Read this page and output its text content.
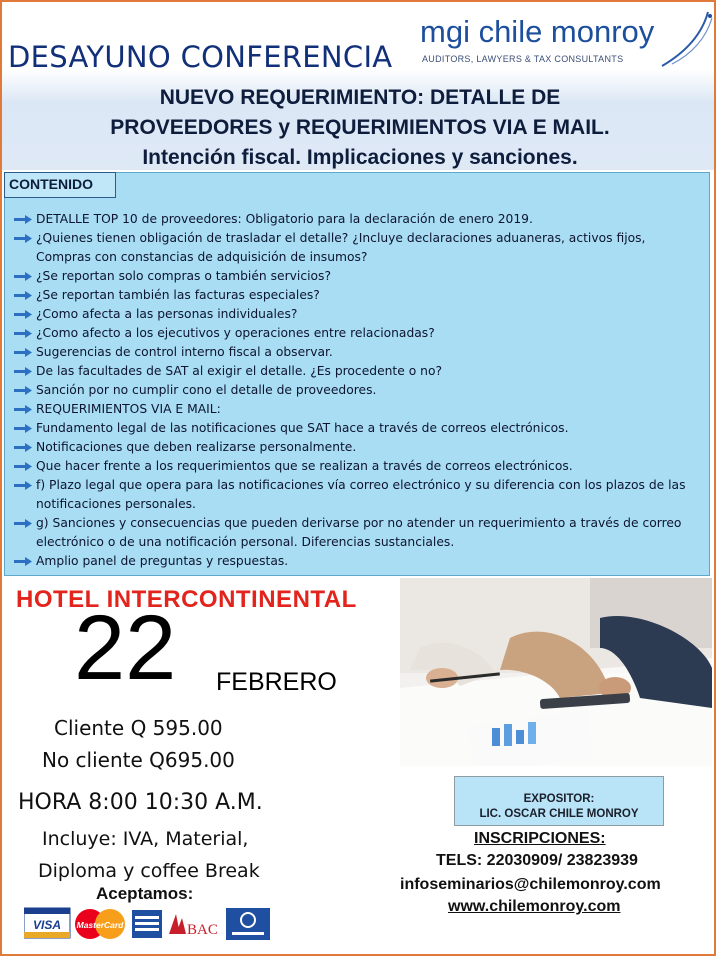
DESAYUNO CONFERENCIA
mgi chile monroy
AUDITORS, LAWYERS & TAX CONSULTANTS
NUEVO REQUERIMIENTO: DETALLE DE
PROVEEDORES y REQUERIMIENTOS VIA E MAIL.
Intención fiscal. Implicaciones y sanciones.
CONTENIDO
DETALLE TOP 10 de proveedores: Obligatorio para la declaración de enero 2019.
¿Quienes tienen obligación de trasladar el detalle? ¿Incluye declaraciones aduaneras, activos fijos, Compras con constancias de adquisición de insumos?
¿Se reportan solo compras o también servicios?
¿Se reportan también las facturas especiales?
¿Como afecta a las personas individuales?
¿Como afecto a los ejecutivos y operaciones entre relacionadas?
Sugerencias de control interno fiscal a observar.
De las facultades de SAT al exigir el detalle. ¿Es procedente o no?
Sanción por no cumplir cono el detalle de proveedores.
REQUERIMIENTOS VIA E MAIL:
Fundamento legal de las notificaciones que SAT hace a través de correos electrónicos.
Notificaciones que deben realizarse personalmente.
Que hacer frente a los requerimientos que se realizan a través de correos electrónicos.
f) Plazo legal que opera para las notificaciones vía correo electrónico y su diferencia con los plazos de las notificaciones personales.
g) Sanciones y consecuencias que pueden derivarse por no atender un requerimiento a través de correo electrónico o de una notificación personal. Diferencias sustanciales.
Amplio panel de preguntas y respuestas.
HOTEL INTERCONTINENTAL
22 FEBRERO
Cliente Q 595.00
No cliente Q695.00
HORA 8:00 10:30 A.M.
Incluye: IVA, Material,
Diploma y coffee Break
Aceptamos:
VISA MasterCard	BAC
EXPOSITOR:
LIC. OSCAR CHILE MONROY
INSCRIPCIONES:
TELS: 22030909/ 23823939
infoseminarios@chilemonroy.com
www.chilemonroy.com
